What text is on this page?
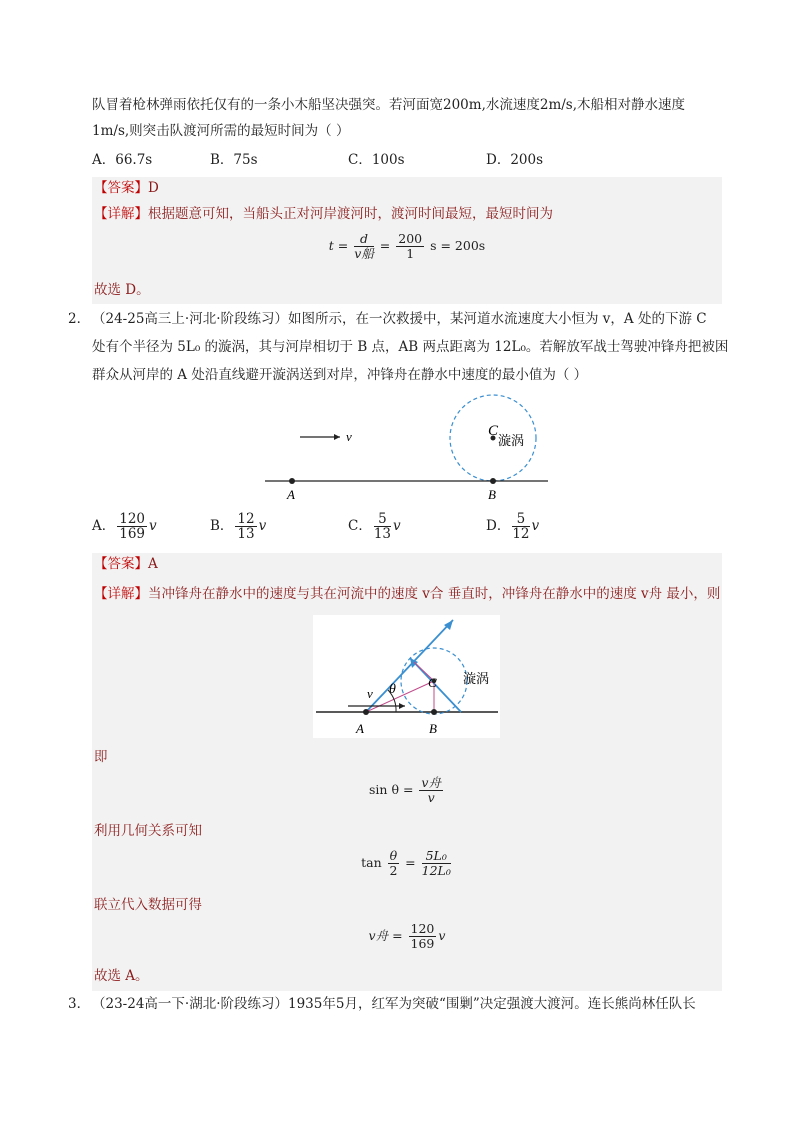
队冒着枪林弹雨依托仅有的一条小木船坚决强突。若河面宽200m,水流速度2m/s,木船相对静水速度
1m/s,则突击队渡河所需的最短时间为（ ）
A．66.7s	B．75s	C．100s	D．200s
【答案】D
【详解】根据题意可知，当船头正对河岸渡河时，渡河时间最短，最短时间为
$t = \frac{d}{\text{v船}} = \frac{200}{1}$ s = 200s
故选 D。
2． （24-25高三上·河北·阶段练习）如图所示，在一次救援中，某河道水流速度大小恒为 v，A 处的下游 C
处有个半径为 5L₀ 的漩涡，其与河岸相切于 B 点，AB 两点距离为 12L₀。若解放军战士驾驶冲锋舟把被困
群众从河岸的 A 处沿直线避开漩涡送到对岸，冲锋舟在静水中速度的最小值为（ ）
v	C
漩涡
A	B
A． $\frac{120}{169}$ v	B． $\frac{12}{13}$ v	C． $\frac{5}{13}$ v	D． $\frac{5}{12}$ v
【答案】A
【详解】当冲锋舟在静水中的速度与其在河流中的速度 v合 垂直时，冲锋舟在静水中的速度 v舟 最小，则
v θ C 漩涡
A	B
即
$\sin \theta = \frac{\text{v舟}}{v}$
利用几何关系可知
$\tan \frac{\theta}{2} = \frac{\text{5L₀}}{\text{12L₀}}$
联立代入数据可得
v舟 = $\frac{120}{169}$ v
故选 A。
3． （23-24高一下·湖北·阶段练习）1935年5月，红军为突破“围剿”决定强渡大渡河。连长熊尚林任队长
